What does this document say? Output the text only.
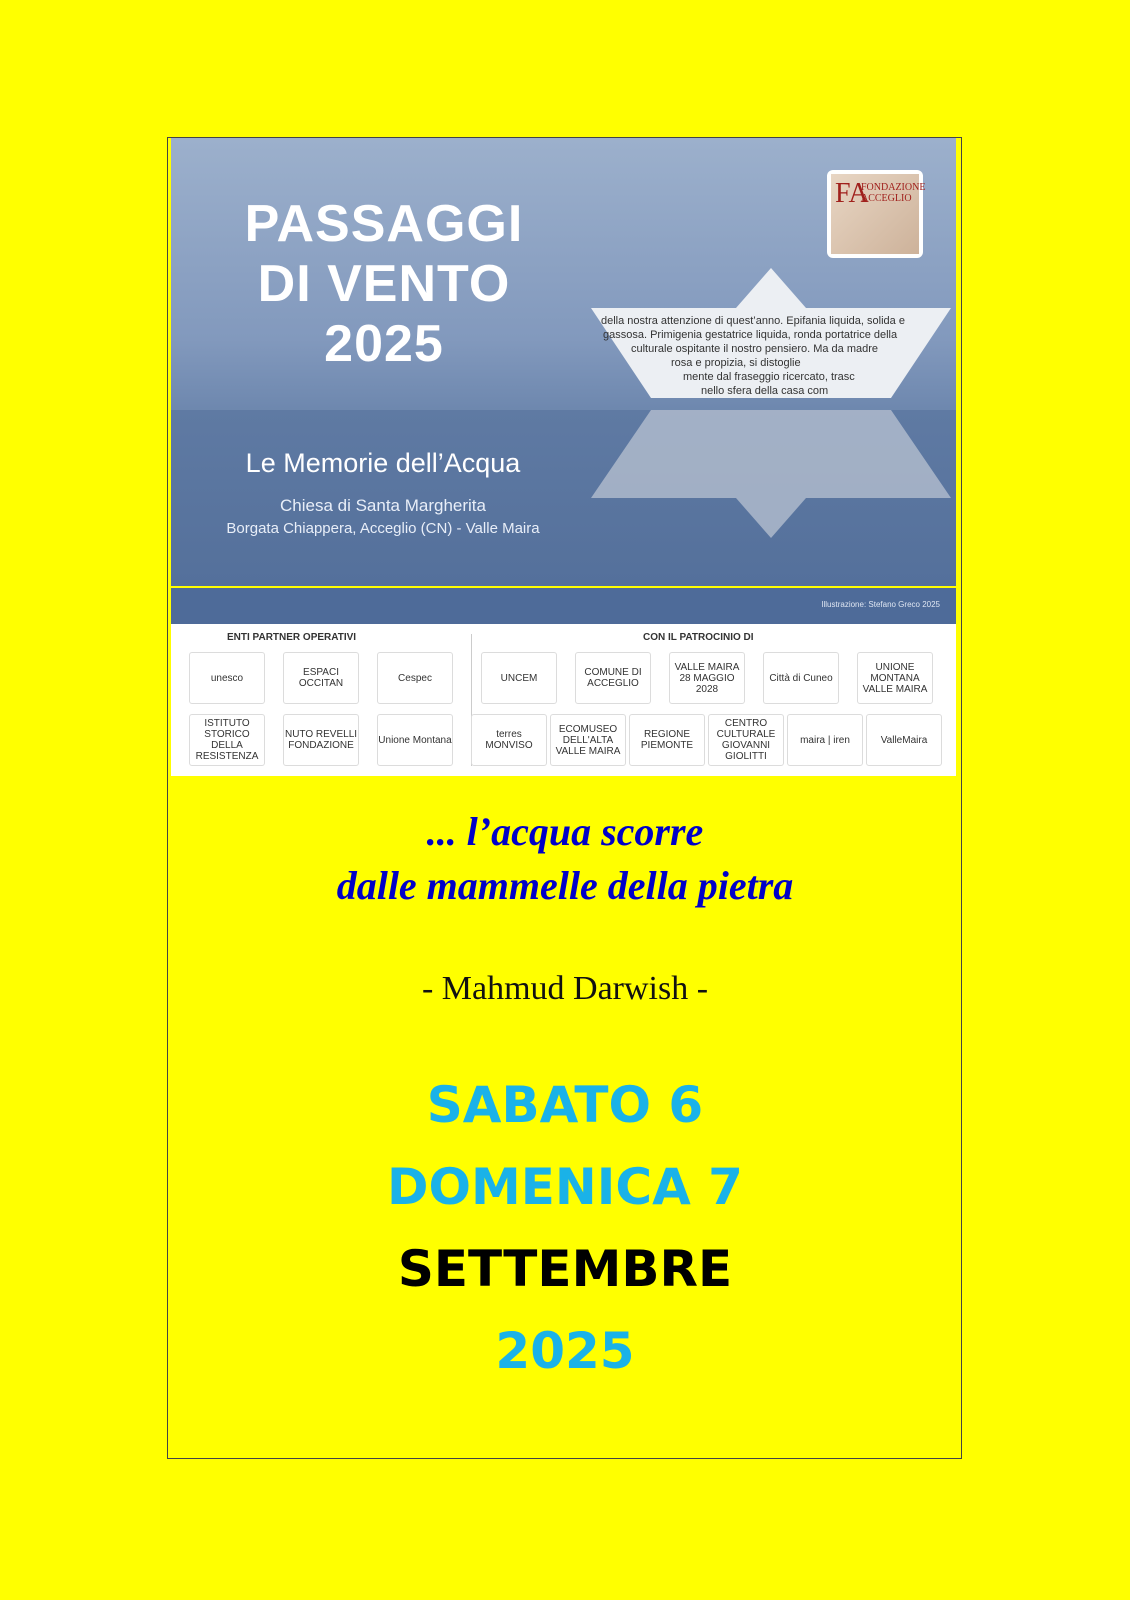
PASSAGGI
DI VENTO
2025
Le Memorie dell’Acqua
Chiesa di Santa Margherita
Borgata Chiappera, Acceglio (CN) - Valle Maira
FA
FONDAZIONE
ACCEGLIO
della nostra attenzione di quest’anno. Epifania liquida, solida e
gassosa. Primigenia gestatrice liquida, ronda portatrice della
culturale ospitante il nostro pensiero. Ma da madre
rosa e propizia, si distoglie
mente dal fraseggio ricercato, trasc
nello sfera della casa com
Illustrazione: Stefano Greco 2025
ENTI PARTNER OPERATIVI	CON IL PATROCINIO DI
unesco	ESPACI OCCITAN	Cespec
ISTITUTO STORICO DELLA RESISTENZA
NUTO REVELLI FONDAZIONE	Unione Montana
UNCEM	COMUNE DI ACCEGLIO
VALLE MAIRA 28 MAGGIO 2028
Città di Cuneo
UNIONE MONTANA VALLE MAIRA
terres MONVISO
ECOMUSEO DELL'ALTA VALLE MAIRA
REGIONE PIEMONTE
CENTRO CULTURALE GIOVANNI GIOLITTI
maira | iren	ValleMaira
... l’acqua scorre
dalle mammelle della pietra
- Mahmud Darwish -
SABATO 6
DOMENICA 7
SETTEMBRE
2025
